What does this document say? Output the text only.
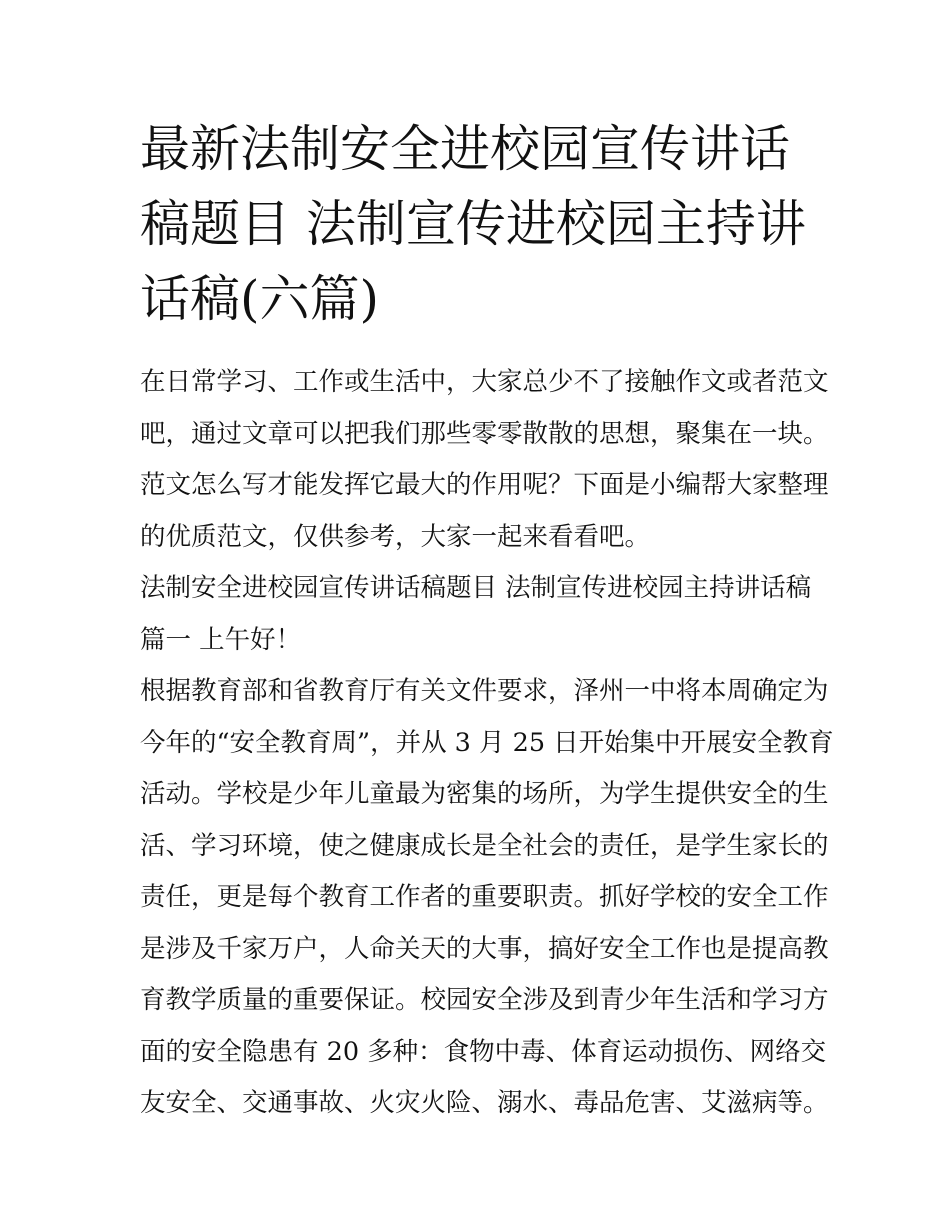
最新法制安全进校园宣传讲话
稿题目 法制宣传进校园主持讲
话稿(六篇)
在日常学习、工作或生活中，大家总少不了接触作文或者范文
吧，通过文章可以把我们那些零零散散的思想，聚集在一块。
范文怎么写才能发挥它最大的作用呢？下面是小编帮大家整理
的优质范文，仅供参考，大家一起来看看吧。
法制安全进校园宣传讲话稿题目 法制宣传进校园主持讲话稿
篇一 上午好！
根据教育部和省教育厅有关文件要求，泽州一中将本周确定为
今年的“安全教育周”，并从 3 月 25 日开始集中开展安全教育
活动。学校是少年儿童最为密集的场所，为学生提供安全的生
活、学习环境，使之健康成长是全社会的责任，是学生家长的
责任，更是每个教育工作者的重要职责。抓好学校的安全工作
是涉及千家万户，人命关天的大事，搞好安全工作也是提高教
育教学质量的重要保证。校园安全涉及到青少年生活和学习方
面的安全隐患有 20 多种：食物中毒、体育运动损伤、网络交
友安全、交通事故、火灾火险、溺水、毒品危害、艾滋病等。
